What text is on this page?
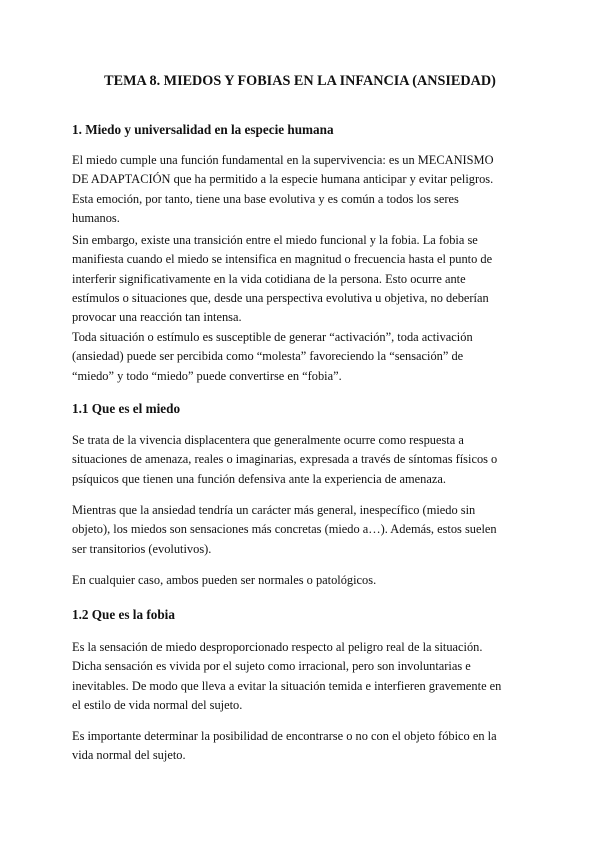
TEMA 8. MIEDOS Y FOBIAS EN LA INFANCIA (ANSIEDAD)
1. Miedo y universalidad en la especie humana

El miedo cumple una función fundamental en la supervivencia: es un MECANISMO
DE ADAPTACIÓN que ha permitido a la especie humana anticipar y evitar peligros.
Esta emoción, por tanto, tiene una base evolutiva y es común a todos los seres
humanos.

Sin embargo, existe una transición entre el miedo funcional y la fobia. La fobia se
manifiesta cuando el miedo se intensifica en magnitud o frecuencia hasta el punto de
interferir significativamente en la vida cotidiana de la persona. Esto ocurre ante
estímulos o situaciones que, desde una perspectiva evolutiva u objetiva, no deberían
provocar una reacción tan intensa.

Toda situación o estímulo es susceptible de generar “activación”, toda activación
(ansiedad) puede ser percibida como “molesta” favoreciendo la “sensación” de
“miedo” y todo “miedo” puede convertirse en “fobia”.

1.1 Que es el miedo

Se trata de la vivencia displacentera que generalmente ocurre como respuesta a
situaciones de amenaza, reales o imaginarias, expresada a través de síntomas físicos o
psíquicos que tienen una función defensiva ante la experiencia de amenaza.

Mientras que la ansiedad tendría un carácter más general, inespecífico (miedo sin
objeto), los miedos son sensaciones más concretas (miedo a…). Además, estos suelen
ser transitorios (evolutivos).

En cualquier caso, ambos pueden ser normales o patológicos.

1.2 Que es la fobia

Es la sensación de miedo desproporcionado respecto al peligro real de la situación.
Dicha sensación es vivida por el sujeto como irracional, pero son involuntarias e
inevitables. De modo que lleva a evitar la situación temida e interfieren gravemente en
el estilo de vida normal del sujeto.

Es importante determinar la posibilidad de encontrarse o no con el objeto fóbico en la
vida normal del sujeto.
